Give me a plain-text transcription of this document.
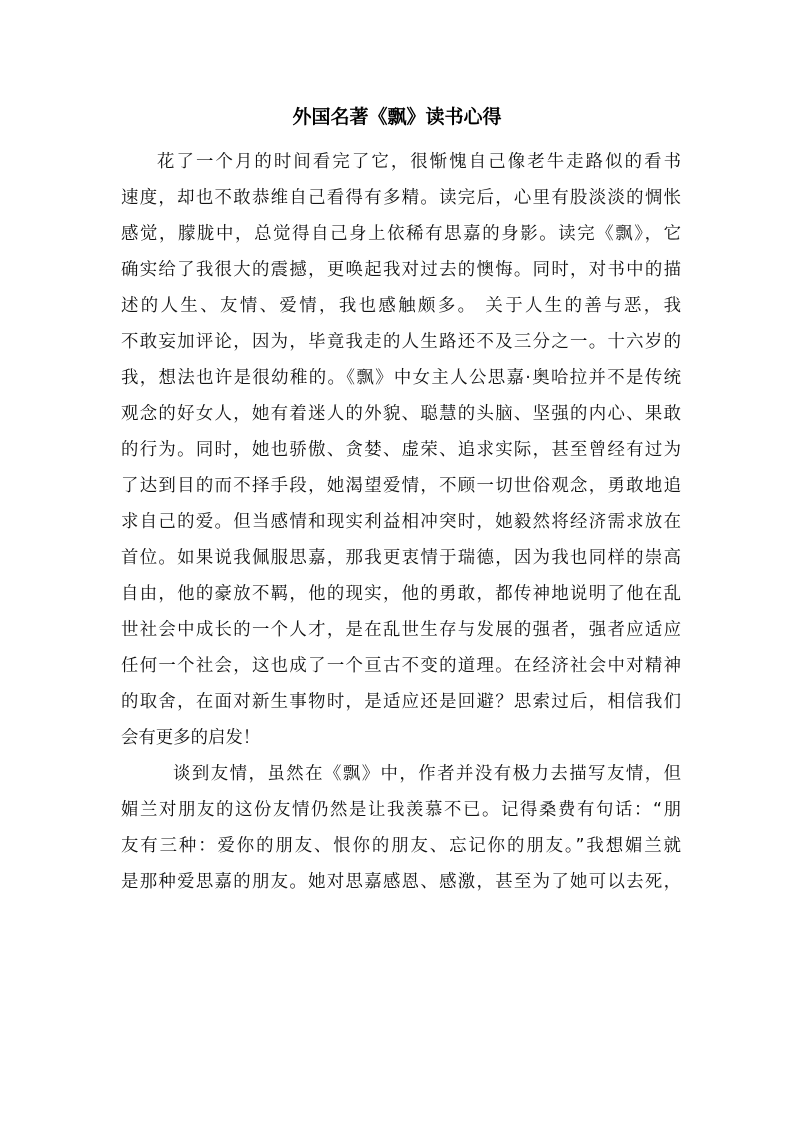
外国名著《飘》读书心得
花了一个月的时间看完了它，很惭愧自己像老牛走路似的看书
速度，却也不敢恭维自己看得有多精。读完后，心里有股淡淡的惆怅
感觉，朦胧中，总觉得自己身上依稀有思嘉的身影。读完《飘》，它
确实给了我很大的震撼，更唤起我对过去的懊悔。同时，对书中的描
述的人生、友情、爱情，我也感触颇多。 关于人生的善与恶，我
不敢妄加评论，因为，毕竟我走的人生路还不及三分之一。十六岁的
我，想法也许是很幼稚的。《飘》中女主人公思嘉·奥哈拉并不是传统
观念的好女人，她有着迷人的外貌、聪慧的头脑、坚强的内心、果敢
的行为。同时，她也骄傲、贪婪、虚荣、追求实际，甚至曾经有过为
了达到目的而不择手段，她渴望爱情，不顾一切世俗观念，勇敢地追
求自己的爱。但当感情和现实利益相冲突时，她毅然将经济需求放在
首位。如果说我佩服思嘉，那我更衷情于瑞德，因为我也同样的崇高
自由，他的豪放不羁，他的现实，他的勇敢，都传神地说明了他在乱
世社会中成长的一个人才，是在乱世生存与发展的强者，强者应适应
任何一个社会，这也成了一个亘古不变的道理。在经济社会中对精神
的取舍，在面对新生事物时，是适应还是回避？思索过后，相信我们
会有更多的启发！
谈到友情，虽然在《飘》中，作者并没有极力去描写友情，但
媚兰对朋友的这份友情仍然是让我羡慕不已。记得桑费有句话：“朋
友有三种：爱你的朋友、恨你的朋友、忘记你的朋友。”我想媚兰就
是那种爱思嘉的朋友。她对思嘉感恩、感激，甚至为了她可以去死，
